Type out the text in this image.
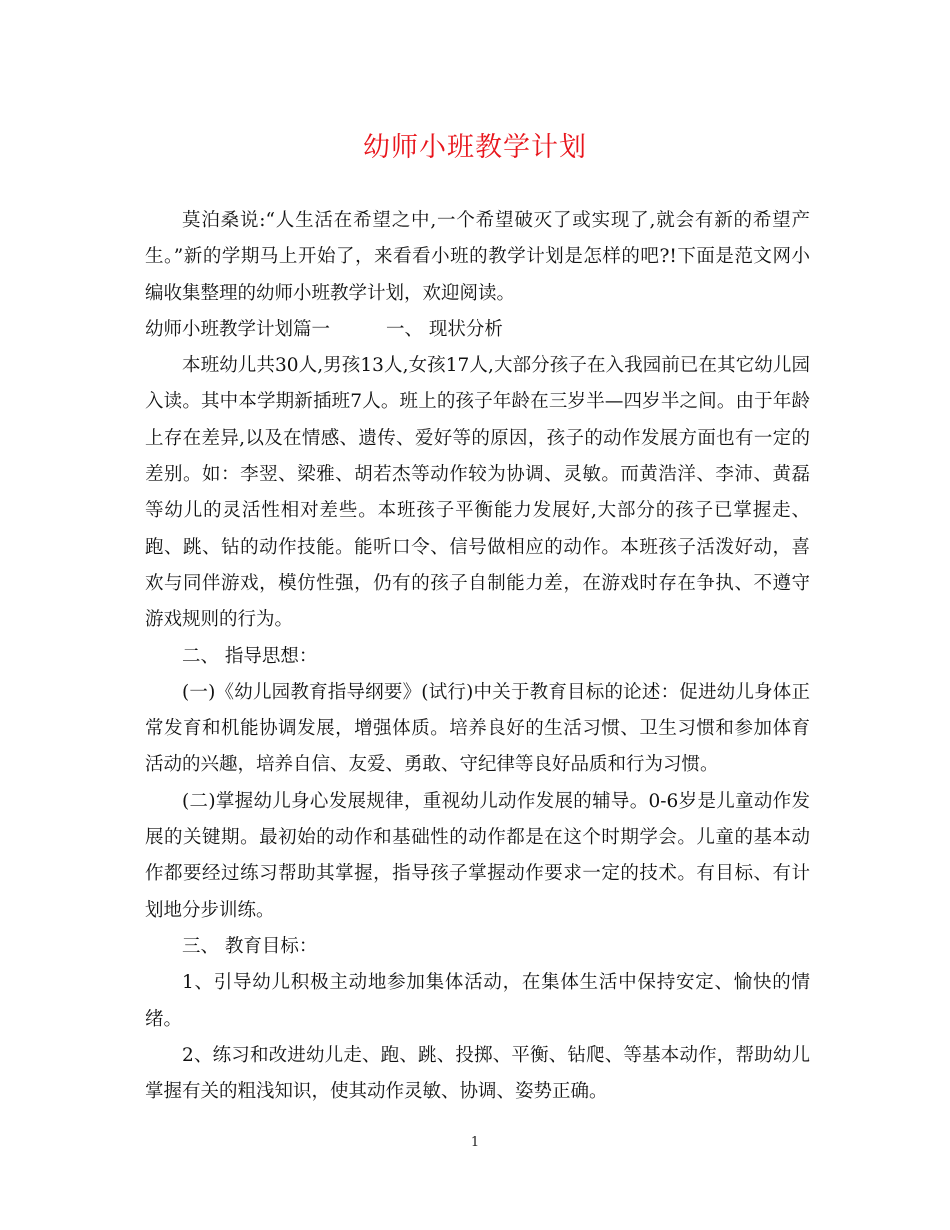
幼师小班教学计划

莫泊桑说:“人生活在希望之中,一个希望破灭了或实现了,就会有新的希望产生。”新的学期马上开始了，来看看小班的教学计划是怎样的吧?!下面是范文网小编收集整理的幼师小班教学计划，欢迎阅读。

幼师小班教学计划篇一	一、 现状分析

本班幼儿共30人,男孩13人,女孩17人,大部分孩子在入我园前已在其它幼儿园入读。其中本学期新插班7人。班上的孩子年龄在三岁半—四岁半之间。由于年龄上存在差异,以及在情感、遗传、爱好等的原因，孩子的动作发展方面也有一定的差别。如：李翌、梁雅、胡若杰等动作较为协调、灵敏。而黄浩洋、李沛、黄磊等幼儿的灵活性相对差些。本班孩子平衡能力发展好,大部分的孩子已掌握走、跑、跳、钻的动作技能。能听口令、信号做相应的动作。本班孩子活泼好动，喜欢与同伴游戏，模仿性强，仍有的孩子自制能力差，在游戏时存在争执、不遵守游戏规则的行为。

二、 指导思想：

(一)《幼儿园教育指导纲要》(试行)中关于教育目标的论述：促进幼儿身体正常发育和机能协调发展，增强体质。培养良好的生活习惯、卫生习惯和参加体育活动的兴趣，培养自信、友爱、勇敢、守纪律等良好品质和行为习惯。

(二)掌握幼儿身心发展规律，重视幼儿动作发展的辅导。0-6岁是儿童动作发展的关键期。最初始的动作和基础性的动作都是在这个时期学会。儿童的基本动作都要经过练习帮助其掌握，指导孩子掌握动作要求一定的技术。有目标、有计划地分步训练。

三、 教育目标：

1、引导幼儿积极主动地参加集体活动，在集体生活中保持安定、愉快的情绪。

2、练习和改进幼儿走、跑、跳、投掷、平衡、钻爬、等基本动作，帮助幼儿掌握有关的粗浅知识，使其动作灵敏、协调、姿势正确。

1
